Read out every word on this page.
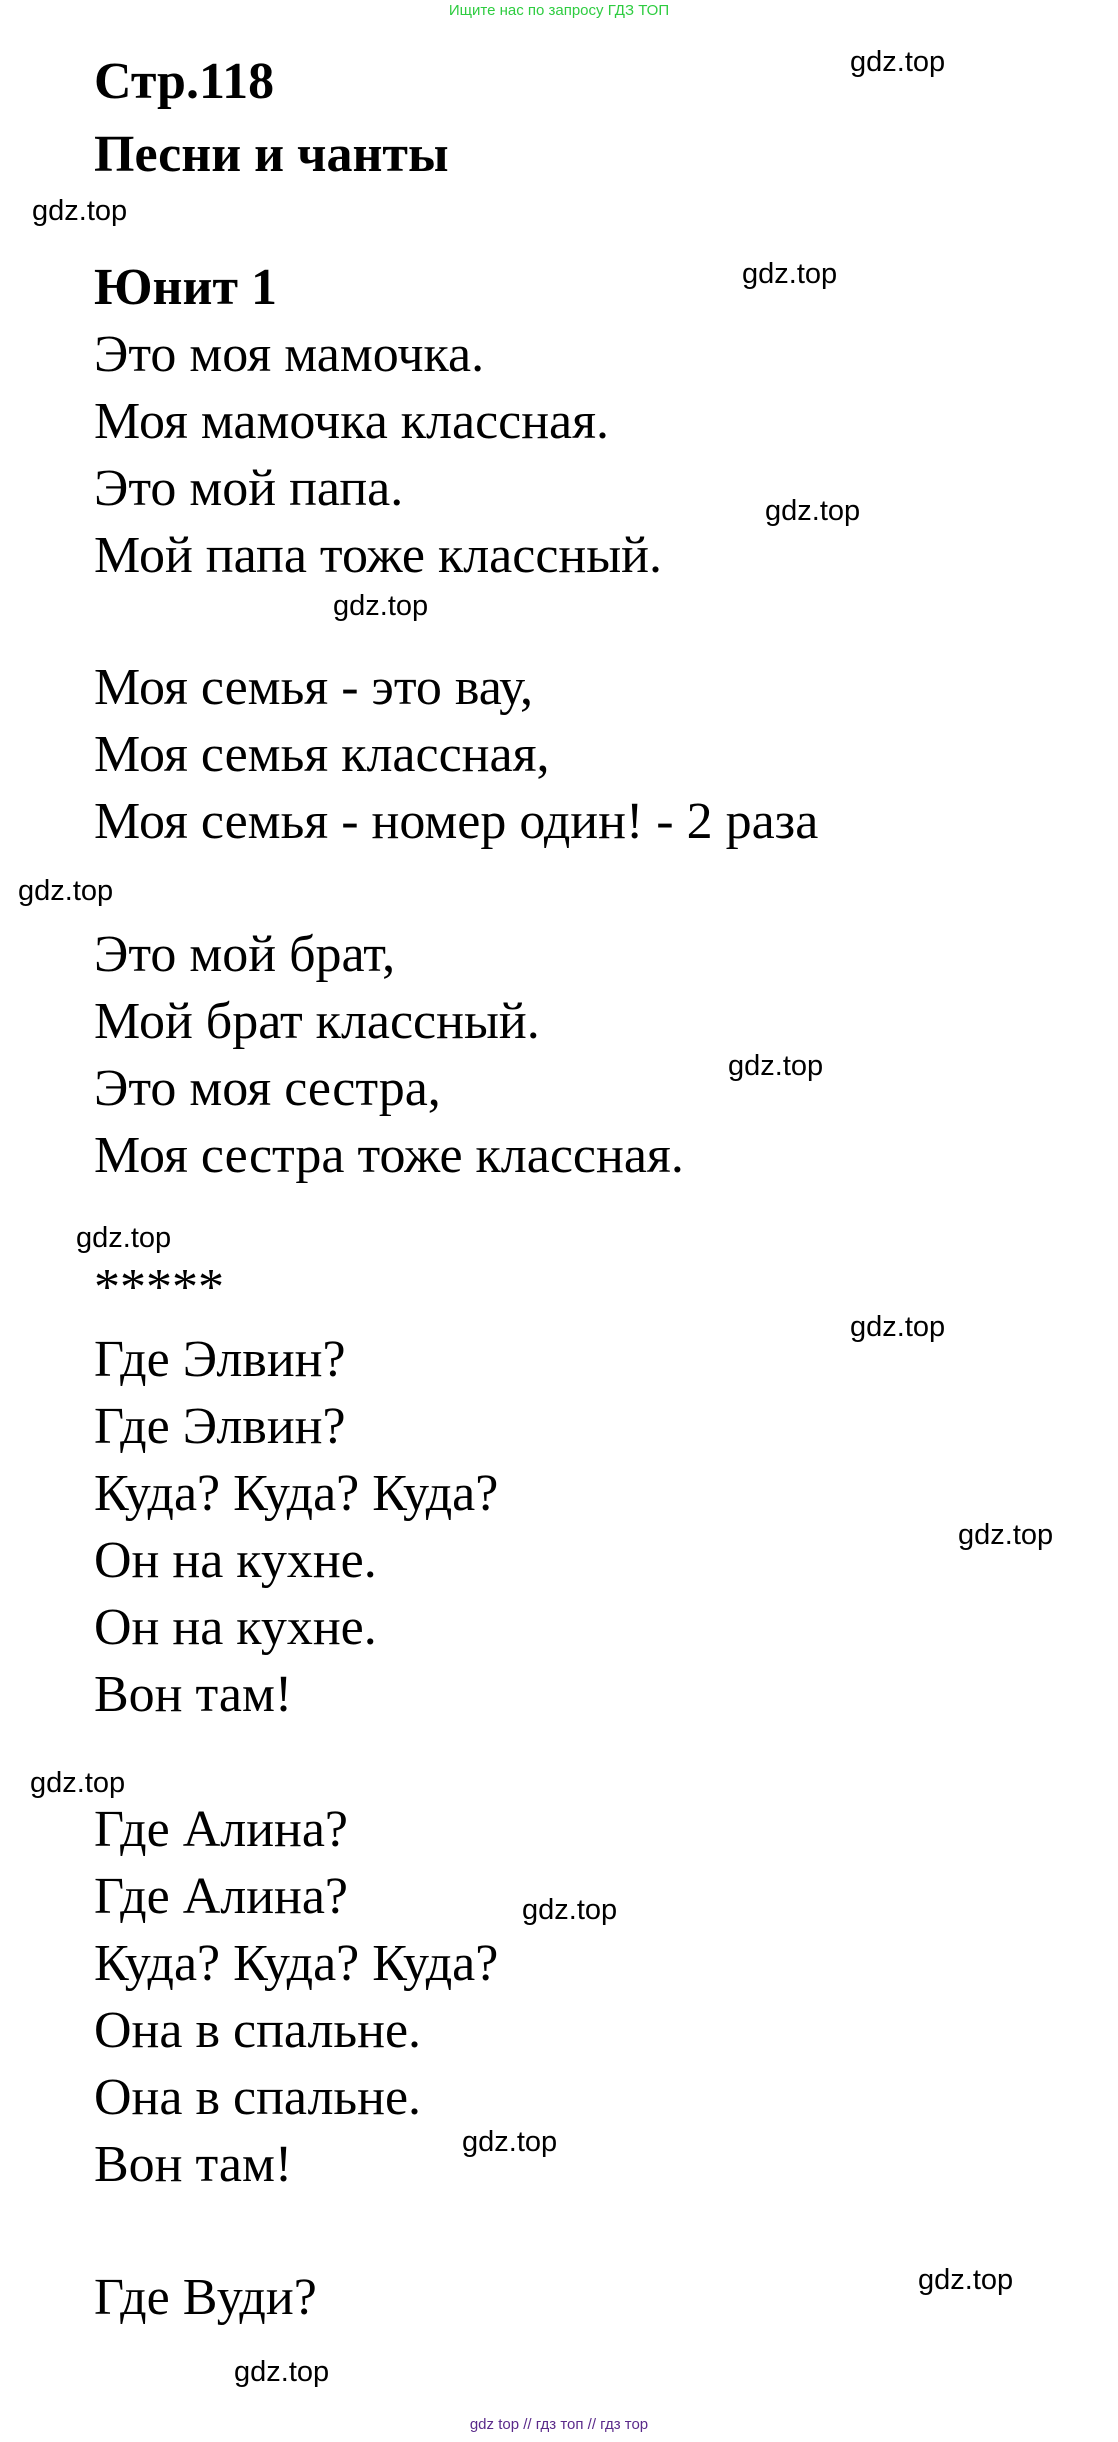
Ищите нас по запросу ГДЗ ТОП
Стр.118
Песни и чанты
Юнит 1
Это моя мамочка.
Моя мамочка классная.
Это мой папа.
Мой папа тоже классный.
Моя семья - это вау,
Моя семья классная,
Моя семья - номер один! - 2 раза
Это мой брат,
Мой брат классный.
Это моя сестра,
Моя сестра тоже классная.
*****
Где Элвин?
Где Элвин?
Куда? Куда? Куда?
Он на кухне.
Он на кухне.
Вон там!
Где Алина?
Где Алина?
Куда? Куда? Куда?
Она в спальне.
Она в спальне.
Вон там!
Где Вуди?
gdz.top
gdz.top
gdz.top
gdz.top
gdz.top
gdz.top
gdz.top
gdz.top
gdz.top
gdz.top
gdz.top
gdz.top
gdz.top
gdz.top
gdz.top
gdz top // гдз топ // гдз тор
